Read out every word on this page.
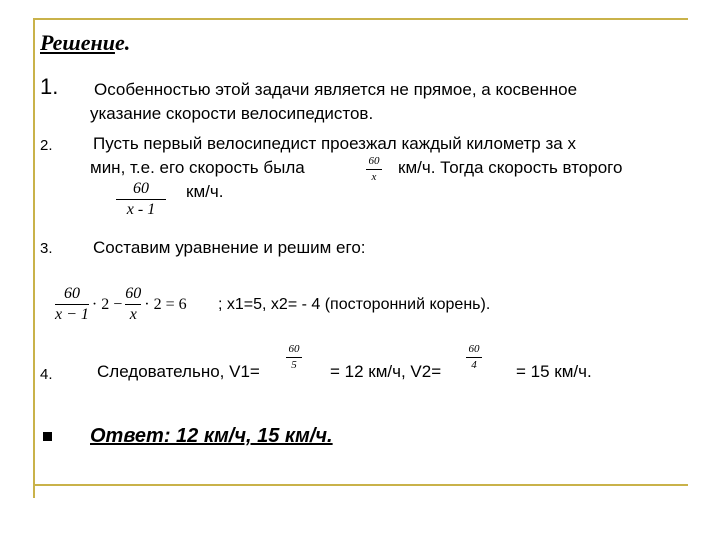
Решение.
1. Особенностью этой задачи является не прямое, а косвенное
указание скорости велосипедистов.
2. Пусть первый велосипедист проезжал каждый километр за х
мин, т.е. его скорость была	60
x	км/ч. Тогда скорость второго
60
x - 1
км/ч.
3. Составим уравнение и решим его:
$\frac{60}{x - 1} \cdot 2 - \frac{60}{x} \cdot 2 = 6$ ; х1=5, х2= - 4 (посторонний корень).
4.	Следовательно, V1=
60
5	= 12 км/ч, V2=
60
4	= 15 км/ч.
Ответ: 12 км/ч, 15 км/ч.
